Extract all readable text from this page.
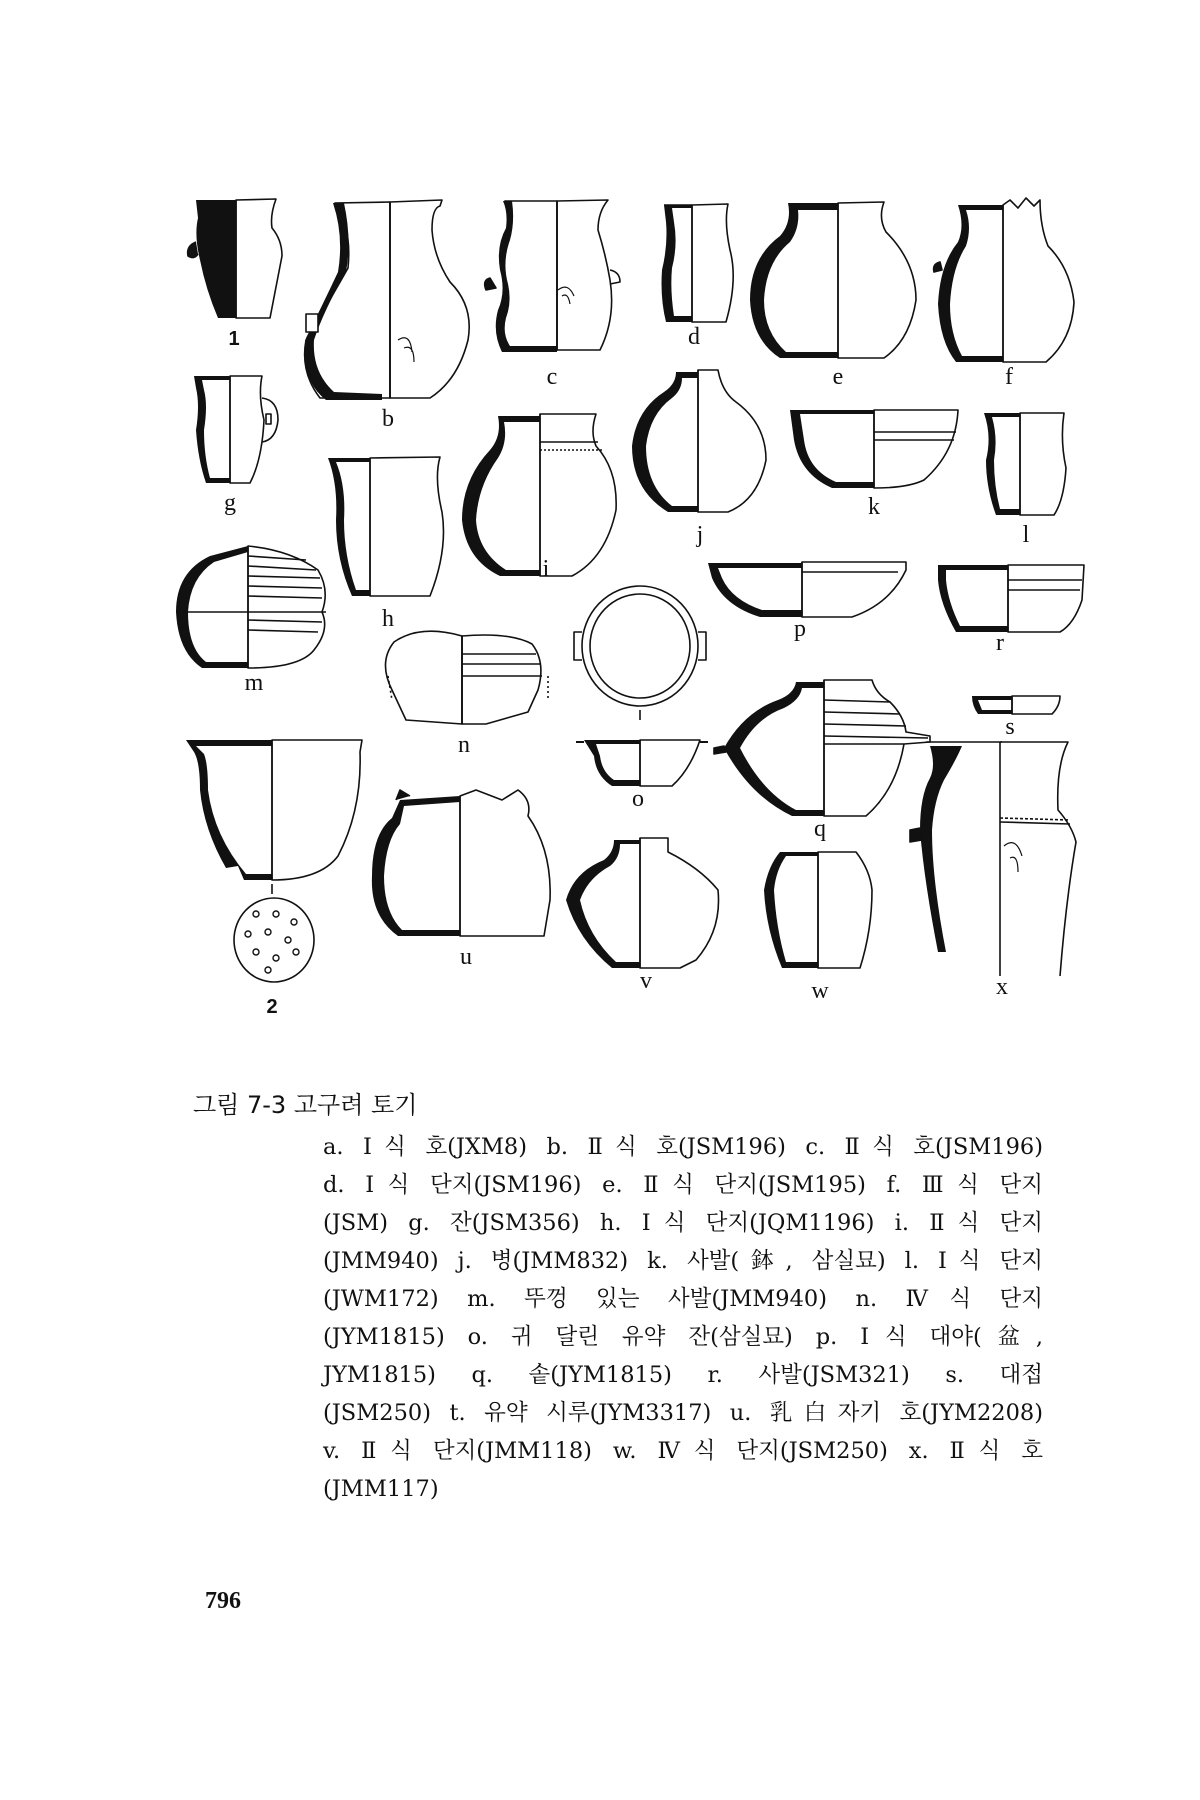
1
b
c
d
e	f
g
h
i
j
k
l
m
n
o
p
q
r
s
u
v	w	x
2
그림 7-3 고구려 토기
a. Ⅰ식 호(JXM8) b. Ⅱ식 호(JSM196) c. Ⅱ식 호(JSM196)
d. Ⅰ식 단지(JSM196) e. Ⅱ식 단지(JSM195) f. Ⅲ식 단지
(JSM) g. 잔(JSM356) h. Ⅰ식 단지(JQM1196) i. Ⅱ식 단지
(JMM940) j. 병(JMM832) k. 사발(鉢, 삼실묘) l. Ⅰ식 단지
(JWM172) m. 뚜껑 있는 사발(JMM940) n. Ⅳ식 단지
(JYM1815) o. 귀 달린 유약 잔(삼실묘) p. Ⅰ식 대야(盆,
JYM1815) q. 솥(JYM1815) r. 사발(JSM321) s. 대접
(JSM250) t. 유약 시루(JYM3317) u. 乳白자기 호(JYM2208)
v. Ⅱ식 단지(JMM118) w. Ⅳ식 단지(JSM250) x. Ⅱ식 호
(JMM117)
796
